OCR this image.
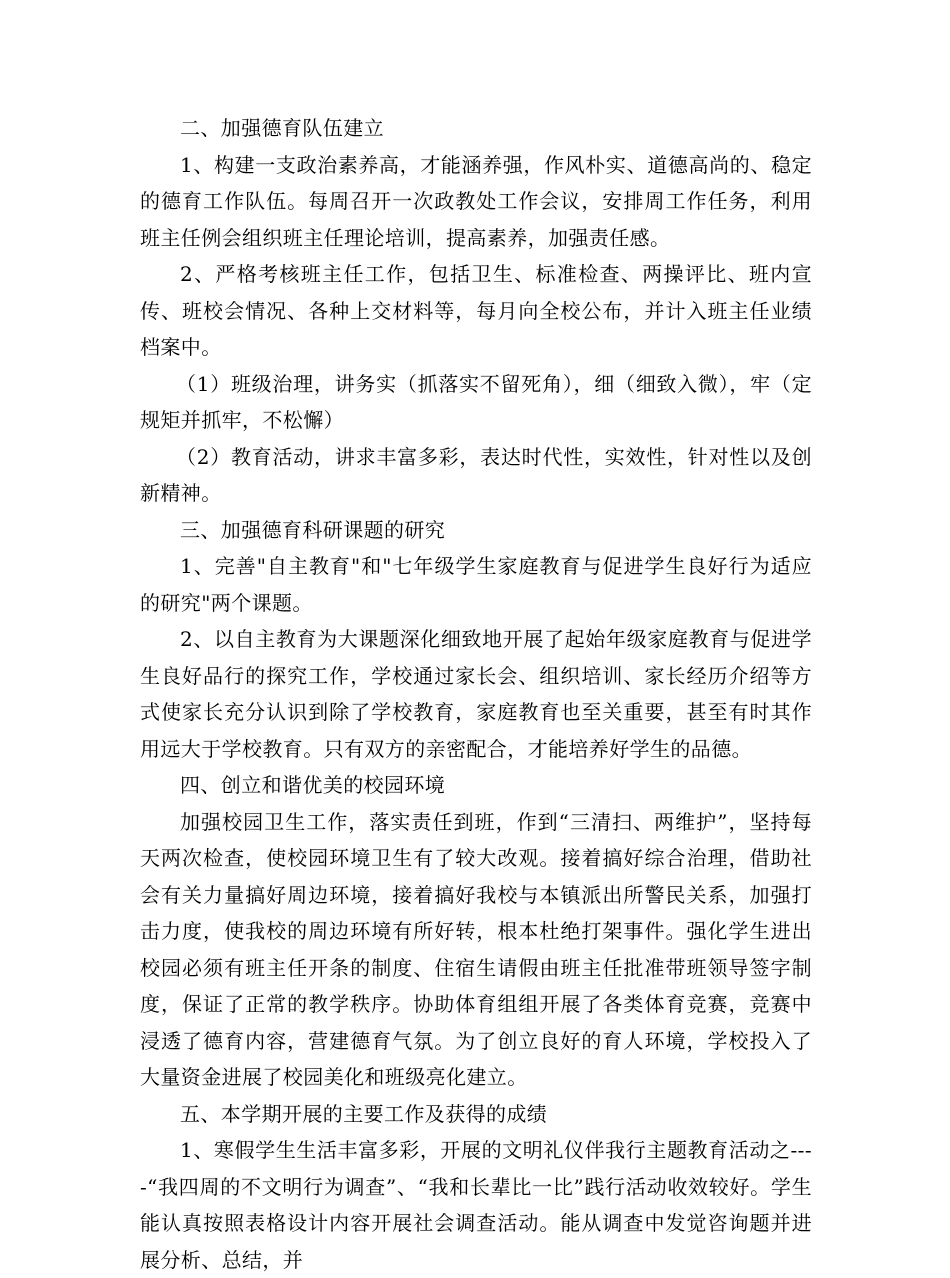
二、加强德育队伍建立

1、构建一支政治素养高，才能涵养强，作风朴实、道德高尚的、稳定的德育工作队伍。每周召开一次政教处工作会议，安排周工作任务，利用班主任例会组织班主任理论培训，提高素养，加强责任感。

2、严格考核班主任工作，包括卫生、标准检查、两操评比、班内宣传、班校会情况、各种上交材料等，每月向全校公布，并计入班主任业绩档案中。

（1）班级治理，讲务实（抓落实不留死角），细（细致入微），牢（定规矩并抓牢，不松懈）

（2）教育活动，讲求丰富多彩，表达时代性，实效性，针对性以及创新精神。

三、加强德育科研课题的研究

1、完善"自主教育"和"七年级学生家庭教育与促进学生良好行为适应的研究"两个课题。

2、以自主教育为大课题深化细致地开展了起始年级家庭教育与促进学生良好品行的探究工作，学校通过家长会、组织培训、家长经历介绍等方式使家长充分认识到除了学校教育，家庭教育也至关重要，甚至有时其作用远大于学校教育。只有双方的亲密配合，才能培养好学生的品德。

四、创立和谐优美的校园环境

加强校园卫生工作，落实责任到班，作到“三清扫、两维护”，坚持每天两次检查，使校园环境卫生有了较大改观。接着搞好综合治理，借助社会有关力量搞好周边环境，接着搞好我校与本镇派出所警民关系，加强打击力度，使我校的周边环境有所好转，根本杜绝打架事件。强化学生进出校园必须有班主任开条的制度、住宿生请假由班主任批准带班领导签字制度，保证了正常的教学秩序。协助体育组组开展了各类体育竞赛，竞赛中浸透了德育内容，营建德育气氛。为了创立良好的育人环境，学校投入了大量资金进展了校园美化和班级亮化建立。

五、本学期开展的主要工作及获得的成绩

1、寒假学生生活丰富多彩，开展的文明礼仪伴我行主题教育活动之----“我四周的不文明行为调查”、“我和长辈比一比”践行活动收效较好。学生能认真按照表格设计内容开展社会调查活动。能从调查中发觉咨询题并进展分析、总结，并
